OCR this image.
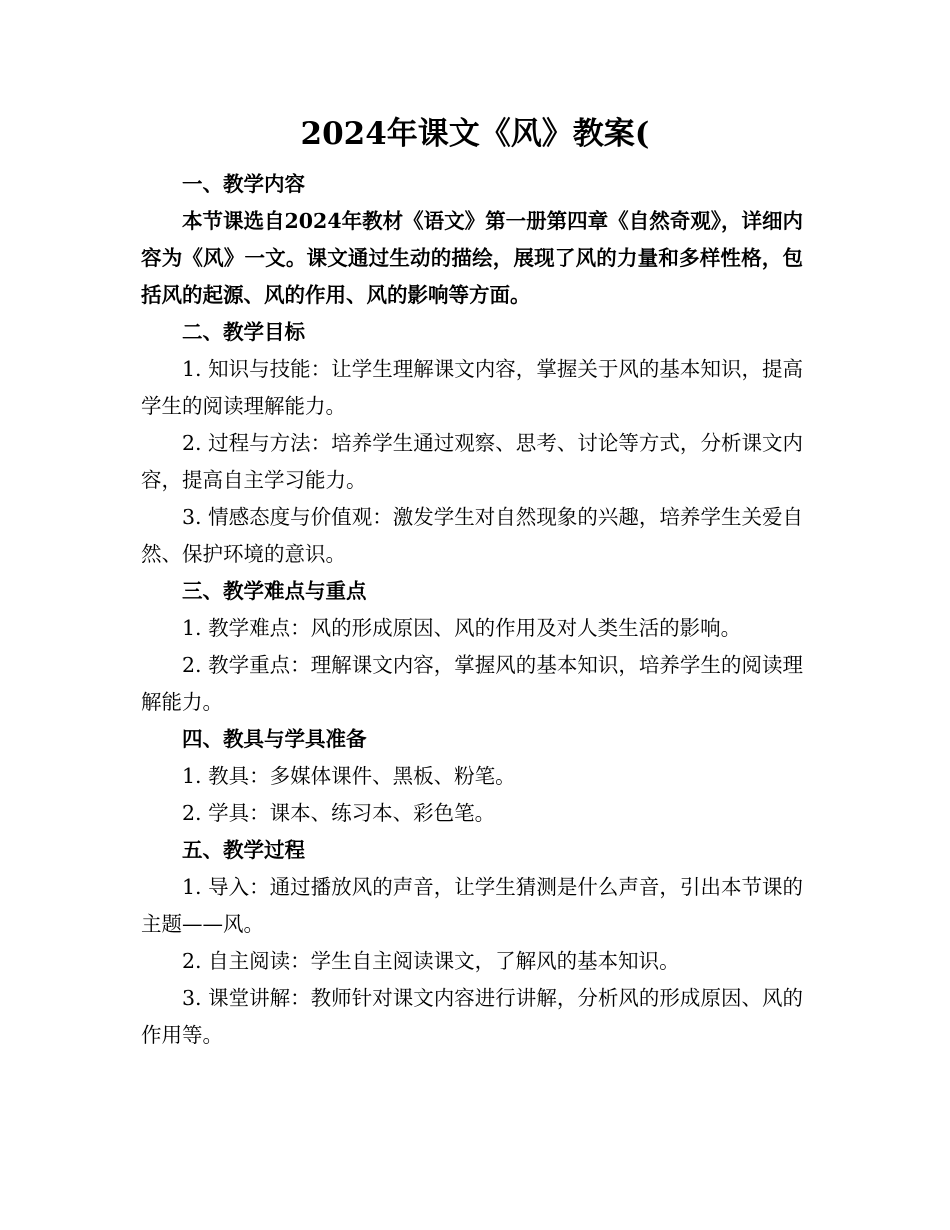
2024年课文《风》教案(

一、教学内容

本节课选自2024年教材《语文》第一册第四章《自然奇观》，详细内容为《风》一文。课文通过生动的描绘，展现了风的力量和多样性格，包括风的起源、风的作用、风的影响等方面。

二、教学目标

1. 知识与技能：让学生理解课文内容，掌握关于风的基本知识，提高学生的阅读理解能力。

2. 过程与方法：培养学生通过观察、思考、讨论等方式，分析课文内容，提高自主学习能力。

3. 情感态度与价值观：激发学生对自然现象的兴趣，培养学生关爱自然、保护环境的意识。

三、教学难点与重点

1. 教学难点：风的形成原因、风的作用及对人类生活的影响。

2. 教学重点：理解课文内容，掌握风的基本知识，培养学生的阅读理解能力。

四、教具与学具准备

1. 教具：多媒体课件、黑板、粉笔。

2. 学具：课本、练习本、彩色笔。

五、教学过程

1. 导入：通过播放风的声音，让学生猜测是什么声音，引出本节课的主题——风。

2. 自主阅读：学生自主阅读课文，了解风的基本知识。

3. 课堂讲解：教师针对课文内容进行讲解，分析风的形成原因、风的作用等。
